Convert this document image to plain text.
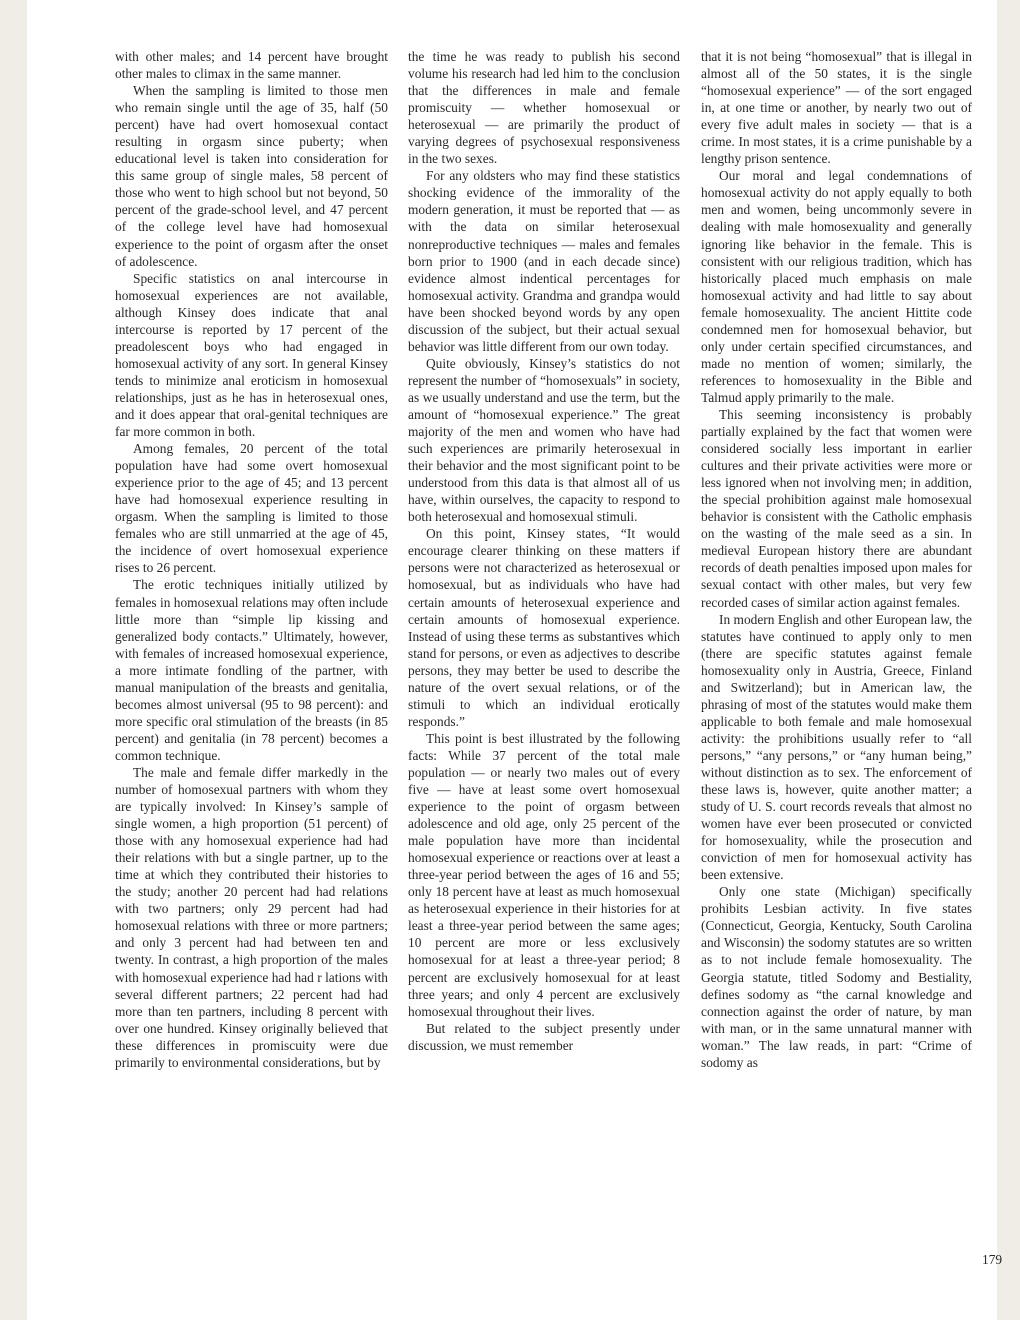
with other males; and 14 percent have brought other males to climax in the same manner.

When the sampling is limited to those men who remain single until the age of 35, half (50 percent) have had overt homosexual contact resulting in orgasm since puberty; when educational level is taken into consideration for this same group of single males, 58 percent of those who went to high school but not beyond, 50 percent of the grade-school level, and 47 percent of the college level have had homosexual experience to the point of orgasm after the onset of adolescence.

Specific statistics on anal intercourse in homosexual experiences are not available, although Kinsey does indicate that anal intercourse is reported by 17 percent of the preadolescent boys who had engaged in homosexual activity of any sort. In general Kinsey tends to minimize anal eroticism in homosexual relationships, just as he has in heterosexual ones, and it does appear that oral-genital techniques are far more common in both.

Among females, 20 percent of the total population have had some overt homosexual experience prior to the age of 45; and 13 percent have had homosexual experience resulting in orgasm. When the sampling is limited to those females who are still unmarried at the age of 45, the incidence of overt homosexual experience rises to 26 percent.

The erotic techniques initially utilized by females in homosexual relations may often include little more than “simple lip kissing and generalized body contacts.” Ultimately, however, with females of increased homosexual experience, a more intimate fondling of the partner, with manual manipulation of the breasts and genitalia, becomes almost universal (95 to 98 percent): and more specific oral stimulation of the breasts (in 85 percent) and genitalia (in 78 percent) becomes a common technique.

The male and female differ markedly in the number of homosexual partners with whom they are typically involved: In Kinsey’s sample of single women, a high proportion (51 percent) of those with any homosexual experience had had their relations with but a single partner, up to the time at which they contributed their histories to the study; another 20 percent had had relations with two partners; only 29 percent had had homosexual relations with three or more partners; and only 3 percent had had between ten and twenty. In contrast, a high proportion of the males with homosexual experience had had r lations with several different partners; 22 percent had had more than ten partners, including 8 percent with over one hundred. Kinsey originally believed that these differences in promiscuity were due primarily to environmental considerations, but by

the time he was ready to publish his second volume his research had led him to the conclusion that the differences in male and female promiscuity — whether homosexual or heterosexual — are primarily the product of varying degrees of psychosexual responsiveness in the two sexes.

For any oldsters who may find these statistics shocking evidence of the immorality of the modern generation, it must be reported that — as with the data on similar heterosexual nonreproductive techniques — males and females born prior to 1900 (and in each decade since) evidence almost indentical percentages for homosexual activity. Grandma and grandpa would have been shocked beyond words by any open discussion of the subject, but their actual sexual behavior was little different from our own today.

Quite obviously, Kinsey’s statistics do not represent the number of “homosexuals” in society, as we usually understand and use the term, but the amount of “homosexual experience.” The great majority of the men and women who have had such experiences are primarily heterosexual in their behavior and the most significant point to be understood from this data is that almost all of us have, within ourselves, the capacity to respond to both heterosexual and homosexual stimuli.

On this point, Kinsey states, “It would encourage clearer thinking on these matters if persons were not characterized as heterosexual or homosexual, but as individuals who have had certain amounts of heterosexual experience and certain amounts of homosexual experience. Instead of using these terms as substantives which stand for persons, or even as adjectives to describe persons, they may better be used to describe the nature of the overt sexual relations, or of the stimuli to which an individual erotically responds.”

This point is best illustrated by the following facts: While 37 percent of the total male population — or nearly two males out of every five — have at least some overt homosexual experience to the point of orgasm between adolescence and old age, only 25 percent of the male population have more than incidental homosexual experience or reactions over at least a three-year period between the ages of 16 and 55; only 18 percent have at least as much homosexual as heterosexual experience in their histories for at least a three-year period between the same ages; 10 percent are more or less exclusively homosexual for at least a three-year period; 8 percent are exclusively homosexual for at least three years; and only 4 percent are exclusively homosexual throughout their lives.

But related to the subject presently under discussion, we must remember

that it is not being “homosexual” that is illegal in almost all of the 50 states, it is the single “homosexual experience” — of the sort engaged in, at one time or another, by nearly two out of every five adult males in society — that is a crime. In most states, it is a crime punishable by a lengthy prison sentence.

Our moral and legal condemnations of homosexual activity do not apply equally to both men and women, being uncommonly severe in dealing with male homosexuality and generally ignoring like behavior in the female. This is consistent with our religious tradition, which has historically placed much emphasis on male homosexual activity and had little to say about female homosexuality. The ancient Hittite code condemned men for homosexual behavior, but only under certain specified circumstances, and made no mention of women; similarly, the references to homosexuality in the Bible and Talmud apply primarily to the male.

This seeming inconsistency is probably partially explained by the fact that women were considered socially less important in earlier cultures and their private activities were more or less ignored when not involving men; in addition, the special prohibition against male homosexual behavior is consistent with the Catholic emphasis on the wasting of the male seed as a sin. In medieval European history there are abundant records of death penalties imposed upon males for sexual contact with other males, but very few recorded cases of similar action against females.

In modern English and other European law, the statutes have continued to apply only to men (there are specific statutes against female homosexuality only in Austria, Greece, Finland and Switzerland); but in American law, the phrasing of most of the statutes would make them applicable to both female and male homosexual activity: the prohibitions usually refer to “all persons,” “any persons,” or “any human being,” without distinction as to sex. The enforcement of these laws is, however, quite another matter; a study of U. S. court records reveals that almost no women have ever been prosecuted or convicted for homosexuality, while the prosecution and conviction of men for homosexual activity has been extensive.

Only one state (Michigan) specifically prohibits Lesbian activity. In five states (Connecticut, Georgia, Kentucky, South Carolina and Wisconsin) the sodomy statutes are so written as to not include female homosexuality. The Georgia statute, titled Sodomy and Bestiality, defines sodomy as “the carnal knowledge and connection against the order of nature, by man with man, or in the same unnatural manner with woman.” The law reads, in part: “Crime of sodomy as

179
